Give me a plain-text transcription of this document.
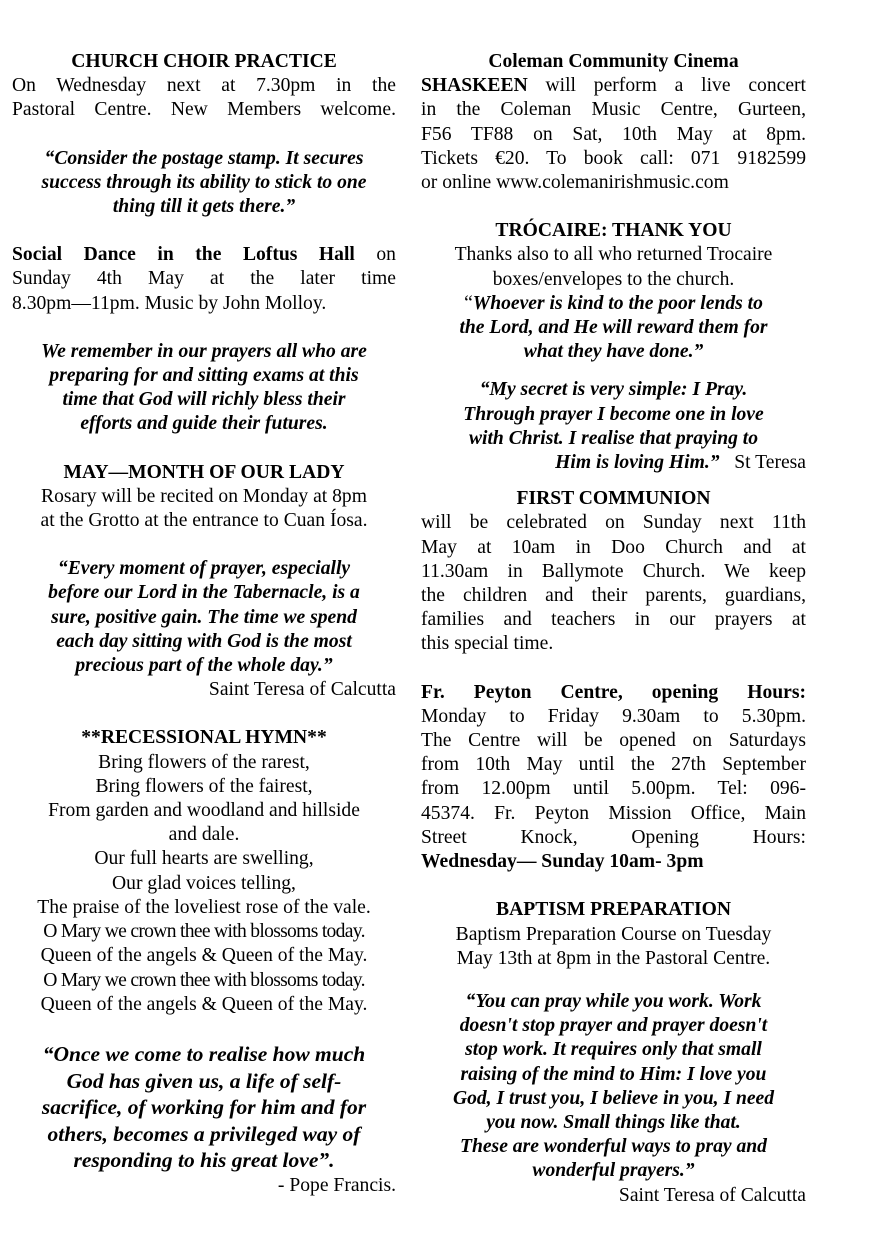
CHURCH CHOIR PRACTICE

On Wednesday next at 7.30pm in the

Pastoral Centre. New Members welcome.

“Consider the postage stamp. It secures

success through its ability to stick to one

thing till it gets there.”

Social Dance in the Loftus Hall on

Sunday 4th May at the later time

8.30pm—11pm. Music by John Molloy.

We remember in our prayers all who are

preparing for and sitting exams at this

time that God will richly bless their

efforts and guide their futures.

MAY—MONTH OF OUR LADY

Rosary will be recited on Monday at 8pm

at the Grotto at the entrance to Cuan Íosa.

“Every moment of prayer, especially

before our Lord in the Tabernacle, is a

sure, positive gain. The time we spend

each day sitting with God is the most

precious part of the whole day.”

Saint Teresa of Calcutta

**RECESSIONAL HYMN**

Bring flowers of the rarest,

Bring flowers of the fairest,

From garden and woodland and hillside

and dale.

Our full hearts are swelling,

Our glad voices telling,

The praise of the loveliest rose of the vale.

O Mary we crown thee with blossoms today.

Queen of the angels & Queen of the May.

O Mary we crown thee with blossoms today.

Queen of the angels & Queen of the May.

“Once we come to realise how much

God has given us, a life of self-

sacrifice, of working for him and for

others, becomes a privileged way of

responding to his great love”.

- Pope Francis.

Coleman Community Cinema

SHASKEEN will perform a live concert

in the Coleman Music Centre, Gurteen,

F56 TF88 on Sat, 10th May at 8pm.

Tickets €20. To book call: 071 9182599

or online www.colemanirishmusic.com

TRÓCAIRE: THANK YOU

Thanks also to all who returned Trocaire

boxes/envelopes to the church.

“Whoever is kind to the poor lends to

the Lord, and He will reward them for

what they have done.”

“My secret is very simple: I Pray.

Through prayer I become one in love

with Christ. I realise that praying to

Him is loving Him.” St Teresa

FIRST COMMUNION

will be celebrated on Sunday next 11th

May at 10am in Doo Church and at

11.30am in Ballymote Church. We keep

the children and their parents, guardians,

families and teachers in our prayers at

this special time.

Fr. Peyton Centre, opening Hours:

Monday to Friday 9.30am to 5.30pm.

The Centre will be opened on Saturdays

from 10th May until the 27th September

from 12.00pm until 5.00pm. Tel: 096-

45374. Fr. Peyton Mission Office, Main

Street Knock, Opening Hours:

Wednesday— Sunday 10am- 3pm

BAPTISM PREPARATION

Baptism Preparation Course on Tuesday

May 13th at 8pm in the Pastoral Centre.

“You can pray while you work. Work

doesn't stop prayer and prayer doesn't

stop work. It requires only that small

raising of the mind to Him: I love you

God, I trust you, I believe in you, I need

you now. Small things like that.

These are wonderful ways to pray and

wonderful prayers.”

Saint Teresa of Calcutta
